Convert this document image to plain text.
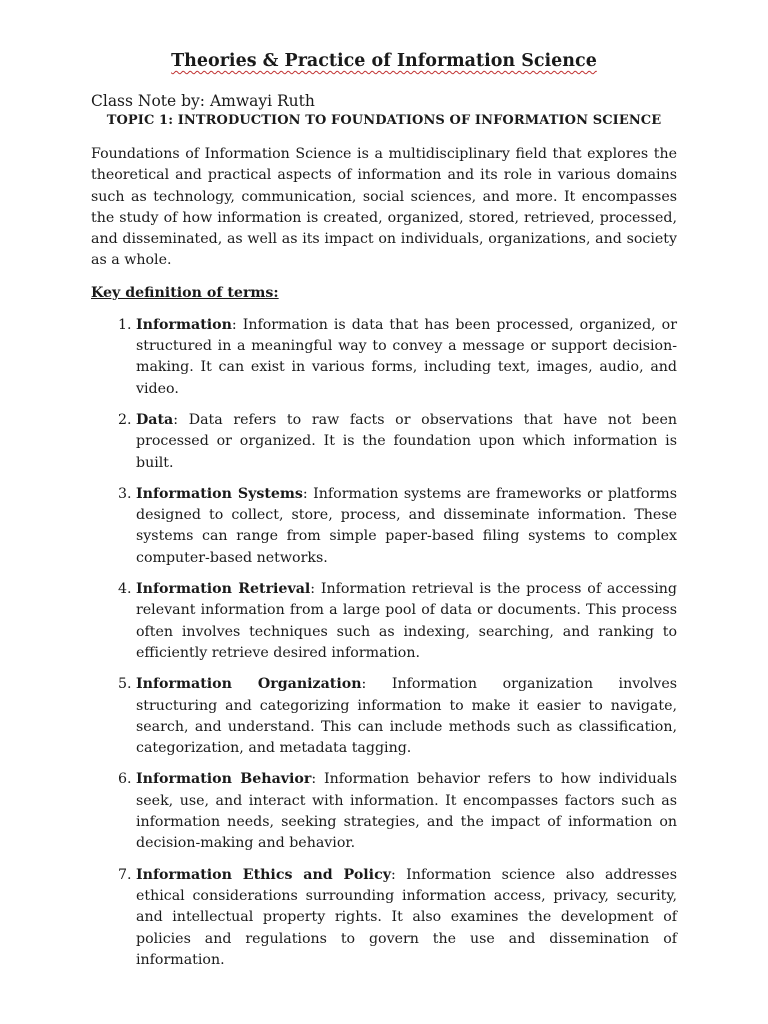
Theories & Practice of Information Science

Class Note by: Amwayi Ruth

TOPIC 1: INTRODUCTION TO FOUNDATIONS OF INFORMATION SCIENCE

Foundations of Information Science is a multidisciplinary field that explores the theoretical and practical aspects of information and its role in various domains such as technology, communication, social sciences, and more. It encompasses the study of how information is created, organized, stored, retrieved, processed, and disseminated, as well as its impact on individuals, organizations, and society as a whole.

Key definition of terms:

1. Information: Information is data that has been processed, organized, or structured in a meaningful way to convey a message or support decision-making. It can exist in various forms, including text, images, audio, and video.
2. Data: Data refers to raw facts or observations that have not been processed or organized. It is the foundation upon which information is built.
3. Information Systems: Information systems are frameworks or platforms designed to collect, store, process, and disseminate information. These systems can range from simple paper-based filing systems to complex computer-based networks.
4. Information Retrieval: Information retrieval is the process of accessing relevant information from a large pool of data or documents. This process often involves techniques such as indexing, searching, and ranking to efficiently retrieve desired information.
5. Information Organization: Information organization involves structuring and categorizing information to make it easier to navigate, search, and understand. This can include methods such as classification, categorization, and metadata tagging.
6. Information Behavior: Information behavior refers to how individuals seek, use, and interact with information. It encompasses factors such as information needs, seeking strategies, and the impact of information on decision-making and behavior.
7. Information Ethics and Policy: Information science also addresses ethical considerations surrounding information access, privacy, security, and intellectual property rights. It also examines the development of policies and regulations to govern the use and dissemination of information.
